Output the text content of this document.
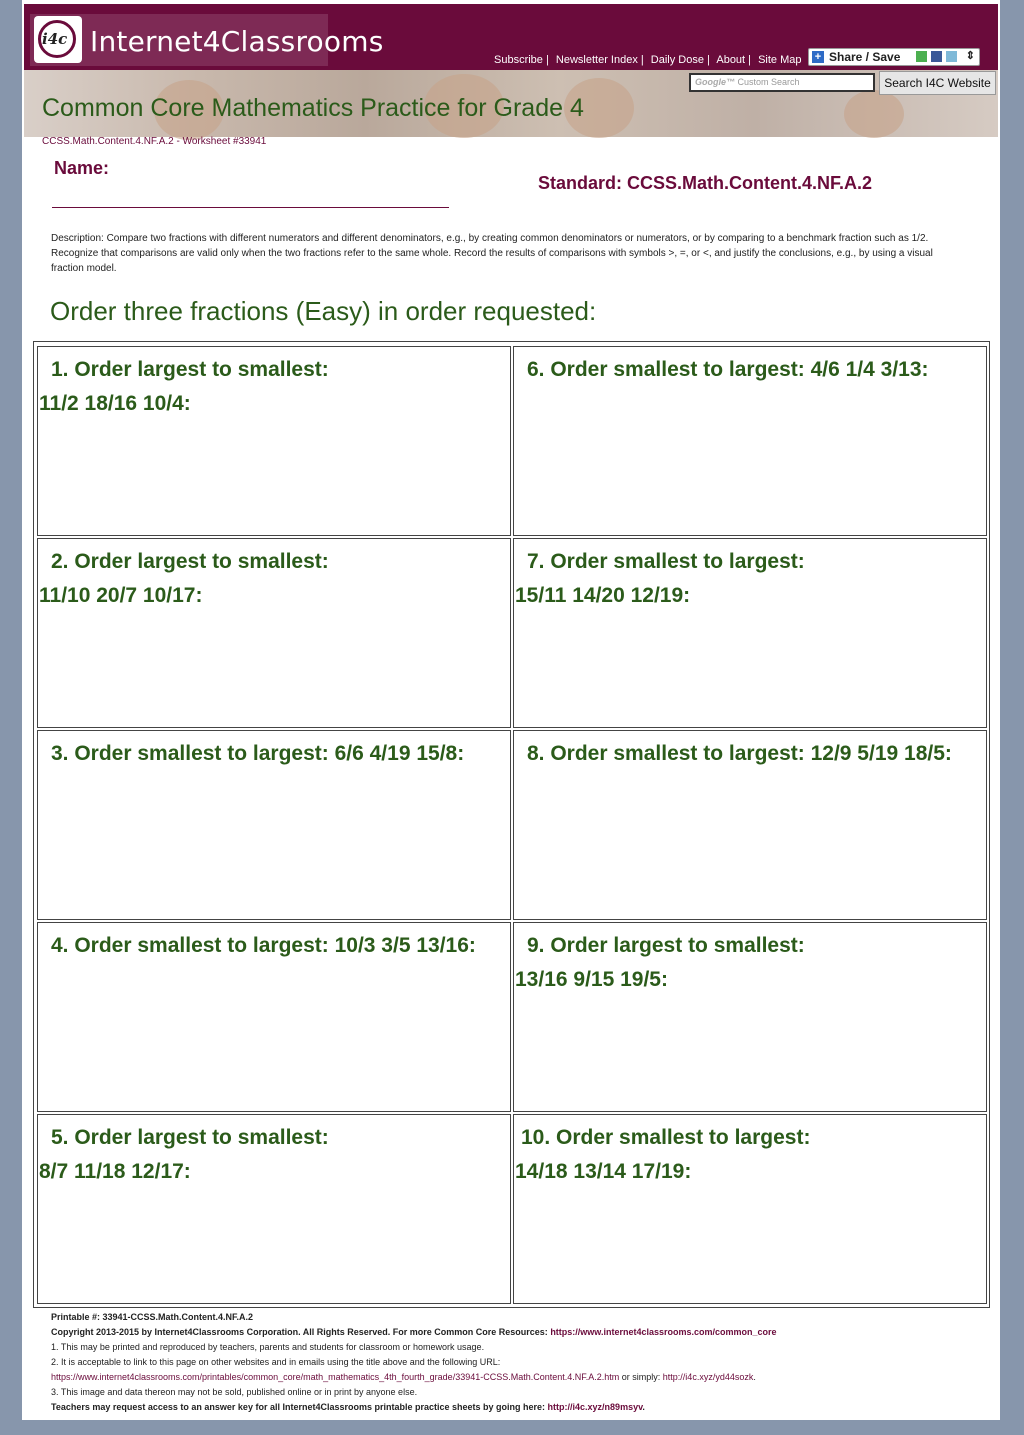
i4c Internet4Classrooms
Subscribe | Newsletter Index | Daily Dose | About | Site Map	+ Share / Save	⇕
Google™ Custom Search	Search I4C Website
Common Core Mathematics Practice for Grade 4
CCSS.Math.Content.4.NF.A.2 - Worksheet #33941
Name:
Standard: CCSS.Math.Content.4.NF.A.2
Description: Compare two fractions with different numerators and different denominators, e.g., by creating common denominators or numerators, or by comparing to a benchmark fraction such as 1/2.
Recognize that comparisons are valid only when the two fractions refer to the same whole. Record the results of comparisons with symbols >, =, or <, and justify the conclusions, e.g., by using a visual
fraction model.
Order three fractions (Easy) in order requested:
1. Order largest to smallest:
11/2 18/16 10/4:
6. Order smallest to largest: 4/6 1/4 3/13:
2. Order largest to smallest:
11/10 20/7 10/17:
7. Order smallest to largest:
15/11 14/20 12/19:
3. Order smallest to largest: 6/6 4/19 15/8:	8. Order smallest to largest: 12/9 5/19 18/5:
4. Order smallest to largest: 10/3 3/5 13/16: 9. Order largest to smallest:
13/16 9/15 19/5:
5. Order largest to smallest:
8/7 11/18 12/17:
10. Order smallest to largest:
14/18 13/14 17/19:
Printable #: 33941-CCSS.Math.Content.4.NF.A.2
Copyright 2013-2015 by Internet4Classrooms Corporation. All Rights Reserved. For more Common Core Resources: https://www.internet4classrooms.com/common_core
1. This may be printed and reproduced by teachers, parents and students for classroom or homework usage.
2. It is acceptable to link to this page on other websites and in emails using the title above and the following URL:
https://www.internet4classrooms.com/printables/common_core/math_mathematics_4th_fourth_grade/33941-CCSS.Math.Content.4.NF.A.2.htm or simply: http://i4c.xyz/yd44sozk.
3. This image and data thereon may not be sold, published online or in print by anyone else.
Teachers may request access to an answer key for all Internet4Classrooms printable practice sheets by going here: http://i4c.xyz/n89msyv.
